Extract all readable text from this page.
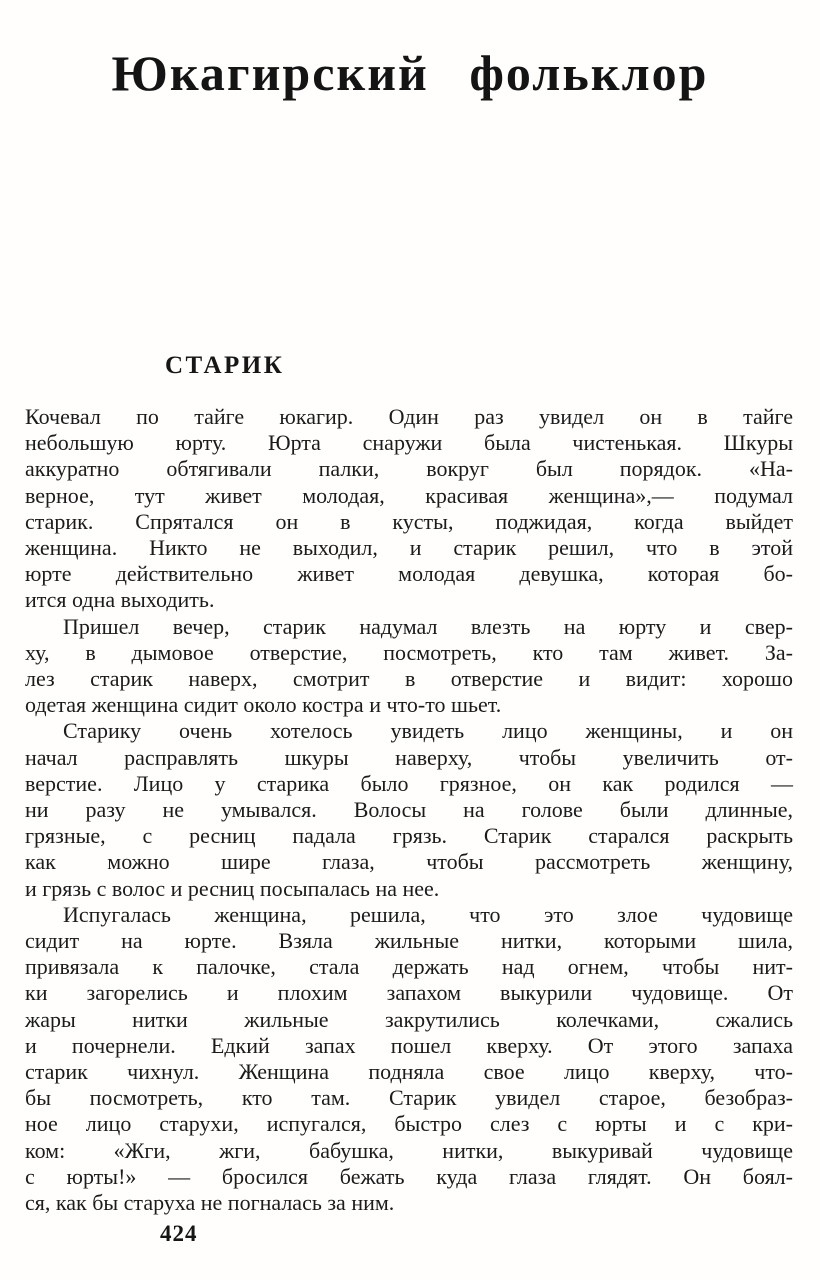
Юкагирский фольклор
СТАРИК
Кочевал по тайге юкагир. Один раз увидел он в тайге
небольшую юрту. Юрта снаружи была чистенькая. Шкуры
аккуратно обтягивали палки, вокруг был порядок. «На-
верное, тут живет молодая, красивая женщина»,— подумал
старик. Спрятался он в кусты, поджидая, когда выйдет
женщина. Никто не выходил, и старик решил, что в этой
юрте действительно живет молодая девушка, которая бо-
ится одна выходить.
Пришел вечер, старик надумал влезть на юрту и свер-
ху, в дымовое отверстие, посмотреть, кто там живет. За-
лез старик наверх, смотрит в отверстие и видит: хорошо
одетая женщина сидит около костра и что-то шьет.
Старику очень хотелось увидеть лицо женщины, и он
начал расправлять шкуры наверху, чтобы увеличить от-
верстие. Лицо у старика было грязное, он как родился —
ни разу не умывался. Волосы на голове были длинные,
грязные, с ресниц падала грязь. Старик старался раскрыть
как можно шире глаза, чтобы рассмотреть женщину,
и грязь с волос и ресниц посыпалась на нее.
Испугалась женщина, решила, что это злое чудовище
сидит на юрте. Взяла жильные нитки, которыми шила,
привязала к палочке, стала держать над огнем, чтобы нит-
ки загорелись и плохим запахом выкурили чудовище. От
жары нитки жильные закрутились колечками, сжались
и почернели. Едкий запах пошел кверху. От этого запаха
старик чихнул. Женщина подняла свое лицо кверху, что-
бы посмотреть, кто там. Старик увидел старое, безобраз-
ное лицо старухи, испугался, быстро слез с юрты и с кри-
ком: «Жги, жги, бабушка, нитки, выкуривай чудовище
с юрты!» — бросился бежать куда глаза глядят. Он боял-
ся, как бы старуха не погналась за ним.
424
